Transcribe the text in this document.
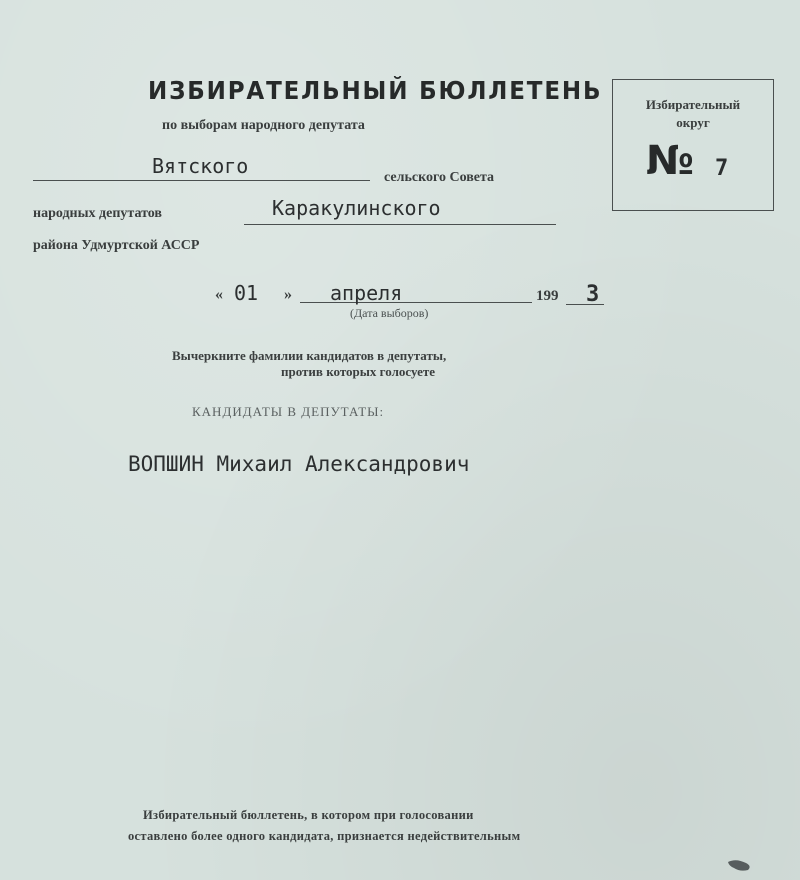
ИЗБИРАТЕЛЬНЫЙ БЮЛЛЕТЕНЬ
по выборам народного депутата
Вятского	сельского Совета
народных депутатов	Каракулинского
района Удмуртской АССР
« 01 » апреля	199 3
(Дата выборов)
Вычеркните фамилии кандидатов в депутаты,
против которых голосуете
КАНДИДАТЫ В ДЕПУТАТЫ:
ВОПШИН Михаил Александрович
Избирательный бюллетень, в котором при голосовании
оставлено более одного кандидата, признается недействительным
Избирательный
округ
№ 7
